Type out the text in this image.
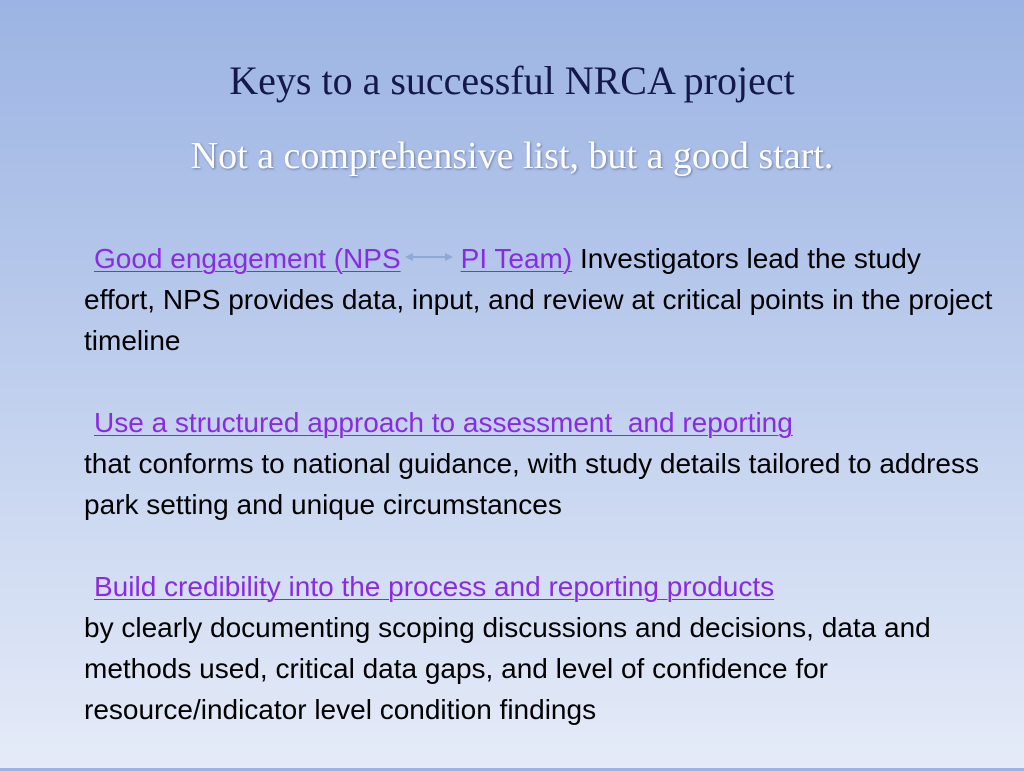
Keys to a successful NRCA project
Not a comprehensive list, but a good start.

Good engagement (NPS PI Team) Investigators lead the study effort, NPS provides data, input, and review at critical points in the project timeline

Use a structured approach to assessment  and reporting
that conforms to national guidance, with study details tailored to address park setting and unique circumstances

Build credibility into the process and reporting products
by clearly documenting scoping discussions and decisions, data and methods used, critical data gaps, and level of confidence for resource/indicator level condition findings
